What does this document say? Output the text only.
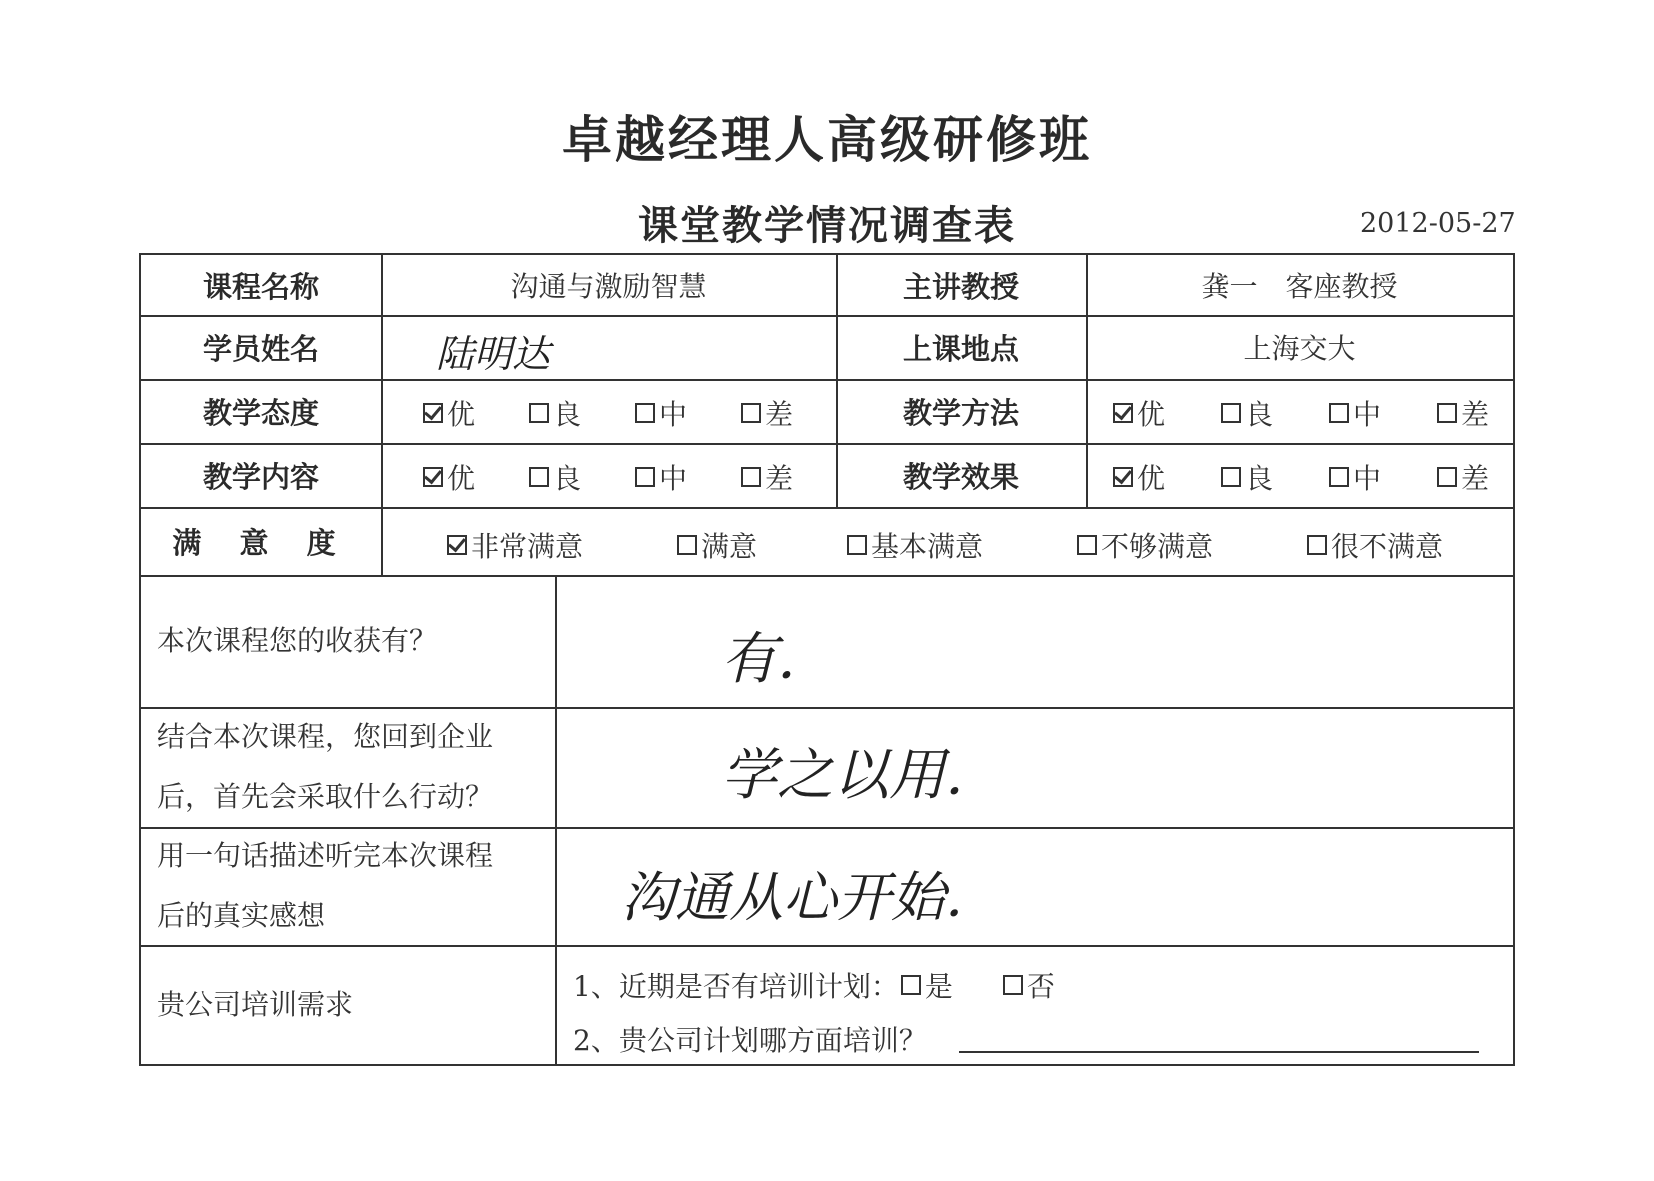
卓越经理人高级研修班
课堂教学情况调查表	2012-05-27
课程名称	沟通与激励智慧	主讲教授	龚一　客座教授
学员姓名	陆明达	上课地点	上海交大
教学态度	优	良	中	差	教学方法	优	良	中	差
教学内容	优	良	中	差	教学效果	优	良	中	差
满 意 度	非常满意	满意	基本满意	不够满意	很不满意
本次课程您的收获有？	有．
结合本次课程，您回到企业
后，首先会采取什么行动？	学之以用．
用一句话描述听完本次课程
后的真实感想	沟通从心开始．
贵公司培训需求
1、近期是否有培训计划： 是	否
2、贵公司计划哪方面培训？
